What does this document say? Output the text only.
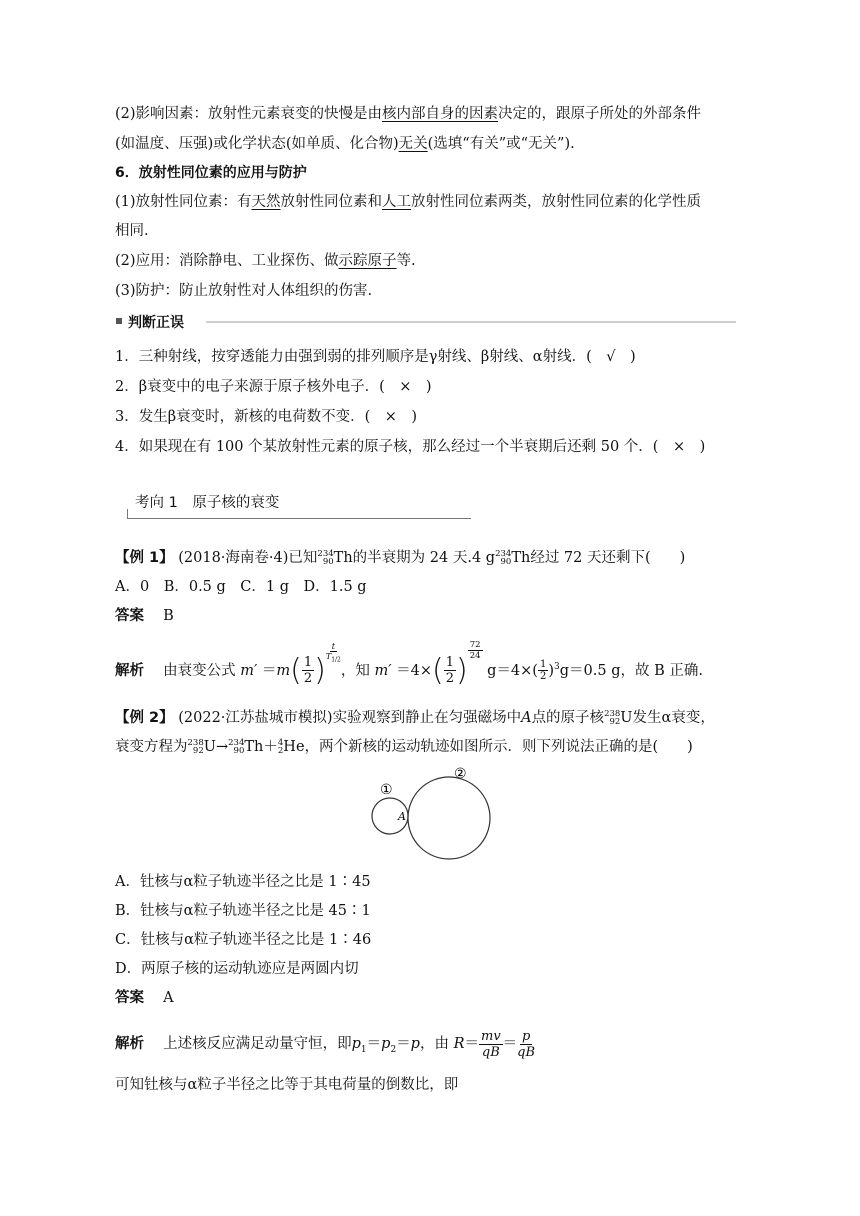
(2)影响因素：放射性元素衰变的快慢是由核内部自身的因素决定的，跟原子所处的外部条件
(如温度、压强)或化学状态(如单质、化合物)无关(选填“有关”或“无关”).
6．放射性同位素的应用与防护
(1)放射性同位素：有天然放射性同位素和人工放射性同位素两类，放射性同位素的化学性质
相同.
(2)应用：消除静电、工业探伤、做示踪原子等.
(3)防护：防止放射性对人体组织的伤害.
判断正误
1．三种射线，按穿透能力由强到弱的排列顺序是γ射线、β射线、α射线．(　√　)
2．β衰变中的电子来源于原子核外电子．(　×　)
3．发生β衰变时，新核的电荷数不变．(　×　)
4．如果现在有 100 个某放射性元素的原子核，那么经过一个半衰期后还剩 50 个．(　×　)
考向 1　原子核的衰变
【例 1】 (2018·海南卷·4)已知234
90Th的半衰期为 24 天.4 g234
90Th经过 72 天还剩下(　　)
A．0　B．0.5 g　C．1 g　D．1.5 g
答案　 B
解析　 由衰变公式 $m' =m( \frac{1}{2}$ ) $\frac{t}{T_{1/2}}$
，知 $m' =4\times( \frac{1}{2}$ )
$\frac{72}{24}$
$g=4\times( \frac{1}{2} )^3g=0.5$ g，故 B 正确.
【例 2】 (2022·江苏盐城市模拟)实验观察到静止在匀强磁场中A点的原子核238
92U发生α衰变，
衰变方程为238
92U→234
90Th＋4
2He，两个新核的运动轨迹如图所示．则下列说法正确的是(　　)
①
②
A
A．钍核与α粒子轨迹半径之比是 1∶45
B．钍核与α粒子轨迹半径之比是 45∶1
C．钍核与α粒子轨迹半径之比是 1∶46
D．两原子核的运动轨迹应是两圆内切
答案　 A
解析　 上述核反应满足动量守恒，即$p_1=p_2=p$，由 $R= \frac{mv}{qB} = \frac{p}{qB}$
可知钍核与α粒子半径之比等于其电荷量的倒数比，即
